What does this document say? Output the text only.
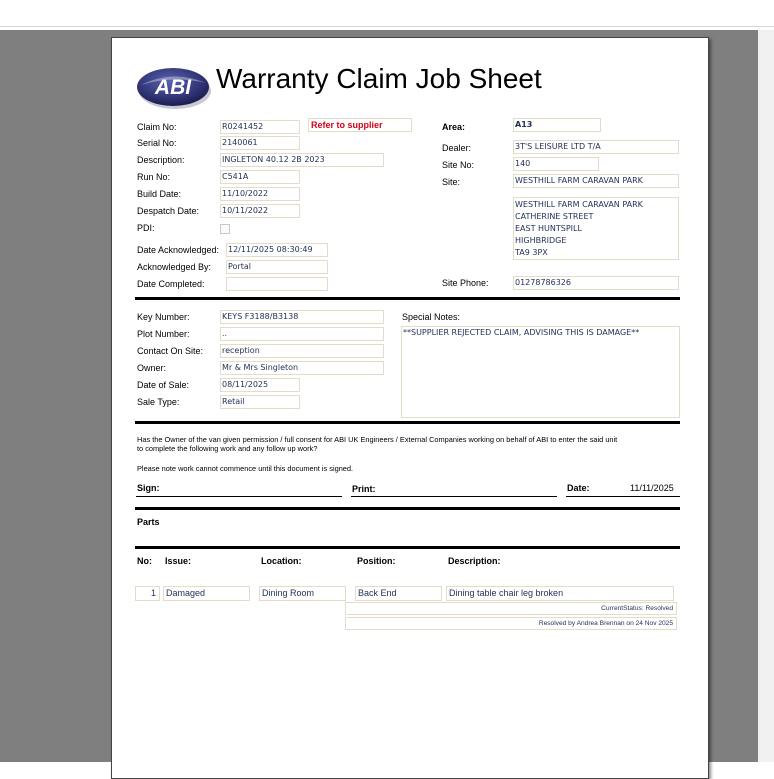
ABI Warranty Claim Job Sheet
Refer to supplier	Area:	A13
Dealer:	3T'S LEISURE LTD T/A
Site No:	140
Site:	WESTHILL FARM CARAVAN PARK
WESTHILL FARM CARAVAN PARK
CATHERINE STREET
EAST HUNTSPILL
HIGHBRIDGE
TA9 3PX
Site Phone:	01278786326
Special Notes:
**SUPPLIER REJECTED CLAIM, ADVISING THIS IS DAMAGE**
Has the Owner of the van given permission / full consent for ABI UK Engineers / External Companies working on behalf of ABI to enter the said unit
to complete the following work and any follow up work?
Please note work cannot commence until this document is signed.
Sign:	Print:	Date:	11/11/2025
Parts
No: Issue:	Location:	Position:	Description:
1	Damaged	Dining Room	Back End	Dining table chair leg broken
CurrentStatus: Resolved
Resolved by Andrea Brennan on 24 Nov 2025
Claim No:	R0241452
Serial No:	2140061
Description:	INGLETON 40.12 2B 2023
Run No:	C541A
Build Date:	11/10/2022
Despatch Date:	10/11/2022
PDI:
Date Acknowledged: 12/11/2025 08:30:49
Acknowledged By: Portal
Date Completed:
Key Number:	KEYS F3188/B3138
Plot Number:	..
Contact On Site: reception
Owner:	Mr & Mrs Singleton
Date of Sale:	08/11/2025
Sale Type:	Retail
